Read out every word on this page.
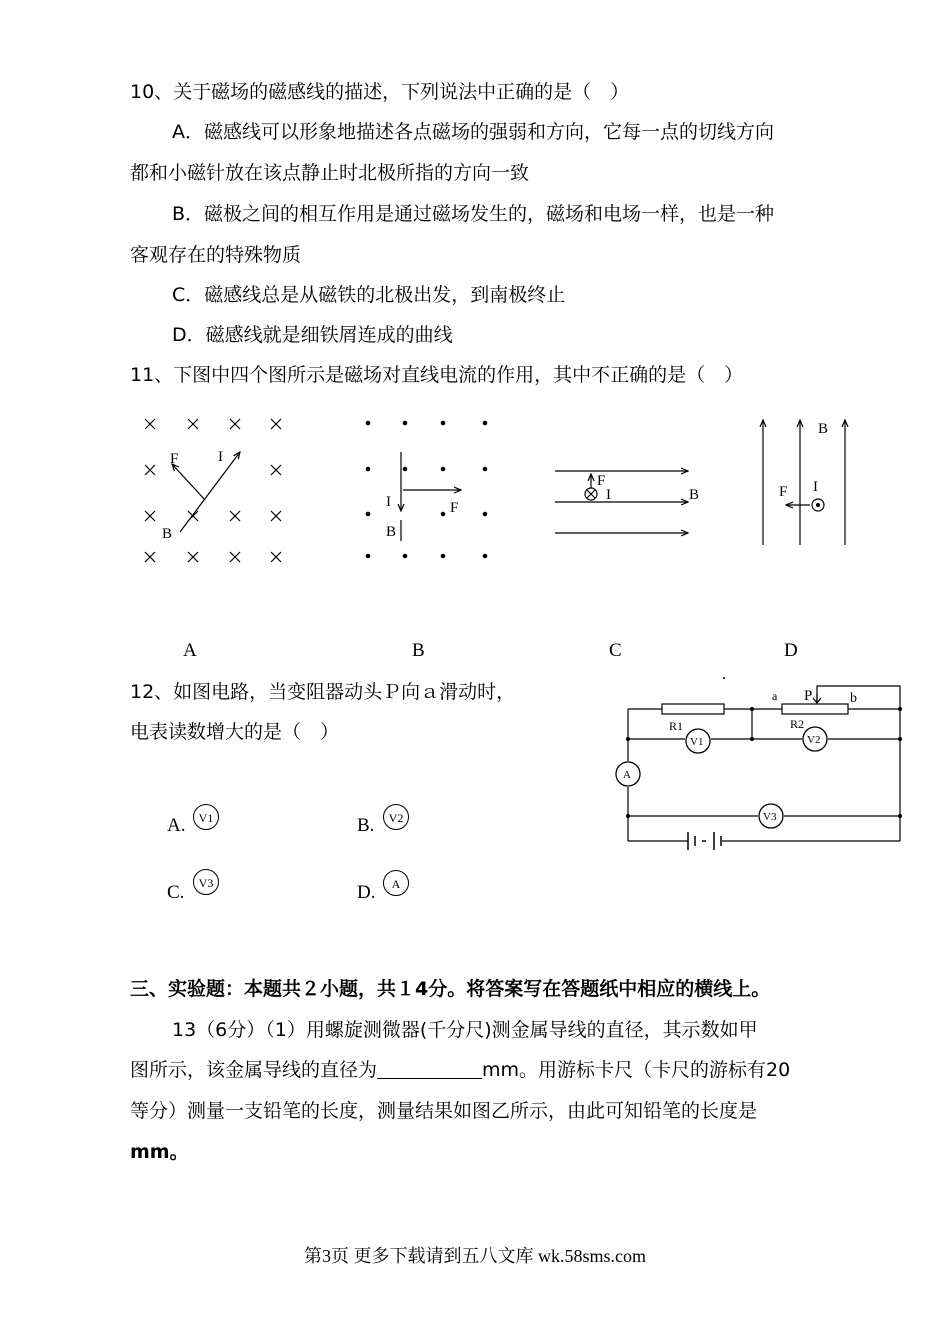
10、关于磁场的磁感线的描述，下列说法中正确的是（　）
A．磁感线可以形象地描述各点磁场的强弱和方向，它每一点的切线方向
都和小磁针放在该点静止时北极所指的方向一致
B．磁极之间的相互作用是通过磁场发生的，磁场和电场一样，也是一种
客观存在的特殊物质
C．磁感线总是从磁铁的北极出发，到南极终止
D．磁感线就是细铁屑连成的曲线
11、下图中四个图所示是磁场对直线电流的作用，其中不正确的是（　）
F	I
B
I	F
B
F
I	B
B
F I
A	B	C	D
12、如图电路，当变阻器动头Ｐ向ａ滑动时，
电表读数增大的是（　）
A.	V1	B.	V2
C.	V3	D.	A
V1	V2
A
V3
R1	R2
a P	b
三、实验题：本题共２小题，共１4分。将答案写在答题纸中相应的横线上。
13（6分）（1）用螺旋测微器(千分尺)测金属导线的直径，其示数如甲
图所示，该金属导线的直径为	mm。用游标卡尺（卡尺的游标有20
等分）测量一支铅笔的长度，测量结果如图乙所示，由此可知铅笔的长度是
mm。
第3页 更多下载请到五八文库 wk.58sms.com
